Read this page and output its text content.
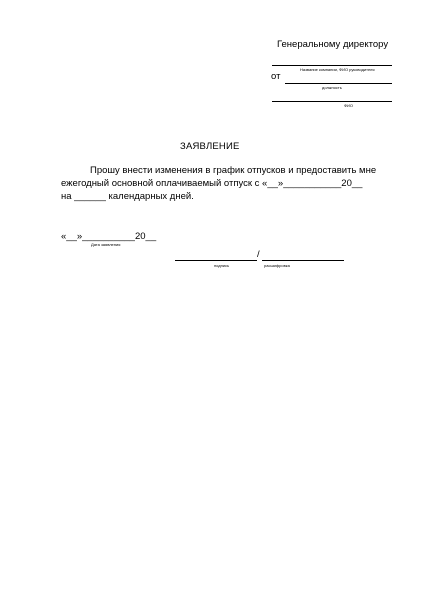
Генеральному директору
Название компании, ФИО руководителя
от
должность
ФИО
ЗАЯВЛЕНИЕ
Прошу внести изменения в график отпусков и предоставить мне
ежегодный основной оплачиваемый отпуск с «__»___________20__
на ______ календарных дней.
«__»__________20__
Дата заявления
/
подпись	расшифровка
